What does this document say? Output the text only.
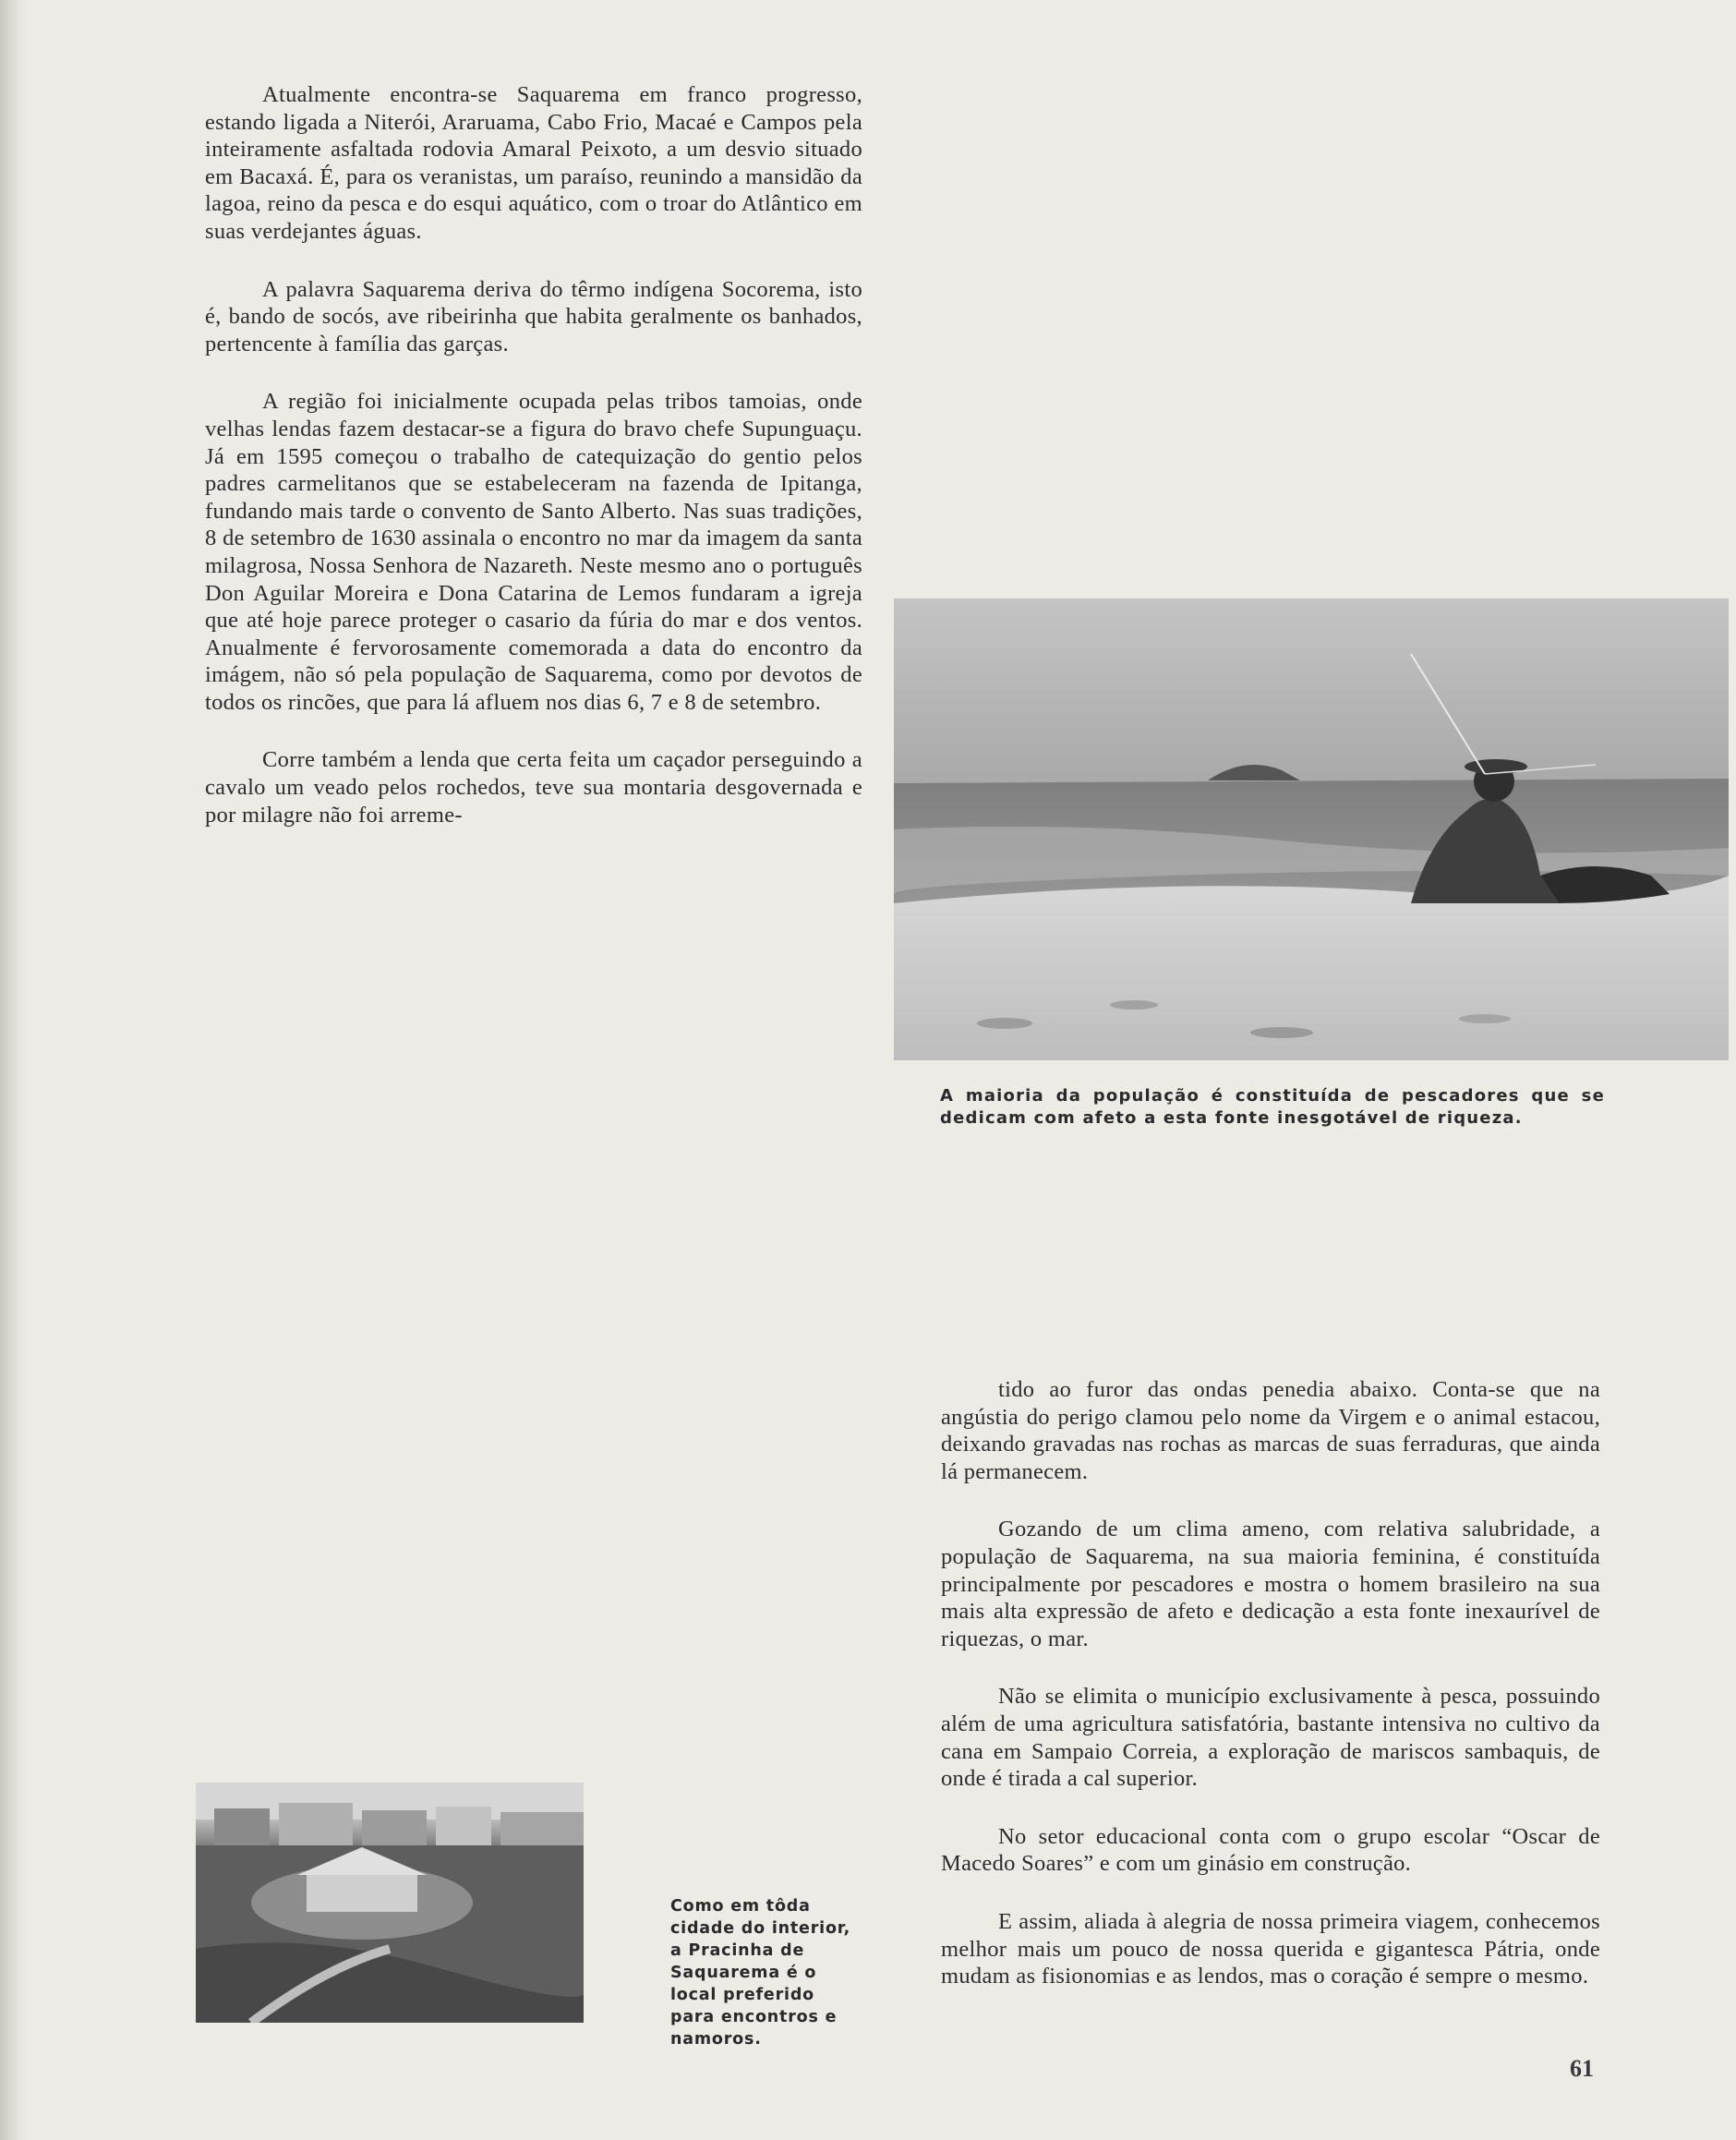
Atualmente encontra-se Saquarema em franco progresso, estando ligada a Niterói, Araruama, Cabo Frio, Macaé e Campos pela inteiramente asfaltada rodovia Amaral Peixoto, a um desvio situado em Bacaxá. É, para os veranistas, um paraíso, reunindo a mansidão da lagoa, reino da pesca e do esqui aquático, com o troar do Atlântico em suas verdejantes águas.

A palavra Saquarema deriva do têrmo indígena Socorema, isto é, bando de socós, ave ribeirinha que habita geralmente os banhados, pertencente à família das garças.

A região foi inicialmente ocupada pelas tribos tamoias, onde velhas lendas fazem destacar-se a figura do bravo chefe Supunguaçu. Já em 1595 começou o trabalho de catequização do gentio pelos padres carmelitanos que se estabeleceram na fazenda de Ipitanga, fundando mais tarde o convento de Santo Alberto. Nas suas tradições, 8 de setembro de 1630 assinala o encontro no mar da imagem da santa milagrosa, Nossa Senhora de Nazareth. Neste mesmo ano o português Don Aguilar Moreira e Dona Catarina de Lemos fundaram a igreja que até hoje parece proteger o casario da fúria do mar e dos ventos. Anualmente é fervorosamente comemorada a data do encontro da imágem, não só pela população de Saquarema, como por devotos de todos os rincões, que para lá afluem nos dias 6, 7 e 8 de setembro.

Corre também a lenda que certa feita um caçador perseguindo a cavalo um veado pelos rochedos, teve sua montaria desgovernada e por milagre não foi arreme-

A maioria da população é constituída de pescadores que se dedicam com afeto a esta fonte inesgotável de riqueza.

tido ao furor das ondas penedia abaixo. Conta-se que na angústia do perigo clamou pelo nome da Virgem e o animal estacou, deixando gravadas nas rochas as marcas de suas ferraduras, que ainda lá permanecem.

Gozando de um clima ameno, com relativa salubridade, a população de Saquarema, na sua maioria feminina, é constituída principalmente por pescadores e mostra o homem brasileiro na sua mais alta expressão de afeto e dedicação a esta fonte inexaurível de riquezas, o mar.

Não se elimita o município exclusivamente à pesca, possuindo além de uma agricultura satisfatória, bastante intensiva no cultivo da cana em Sampaio Correia, a exploração de mariscos sambaquis, de onde é tirada a cal superior.

No setor educacional conta com o grupo escolar “Oscar de Macedo Soares” e com um ginásio em construção.

E assim, aliada à alegria de nossa primeira viagem, conhecemos melhor mais um pouco de nossa querida e gigantesca Pátria, onde mudam as fisionomias e as lendos, mas o coração é sempre o mesmo.

Como em tôda cidade do interior, a Pracinha de Saquarema é o local preferido para encontros e namoros.
61
